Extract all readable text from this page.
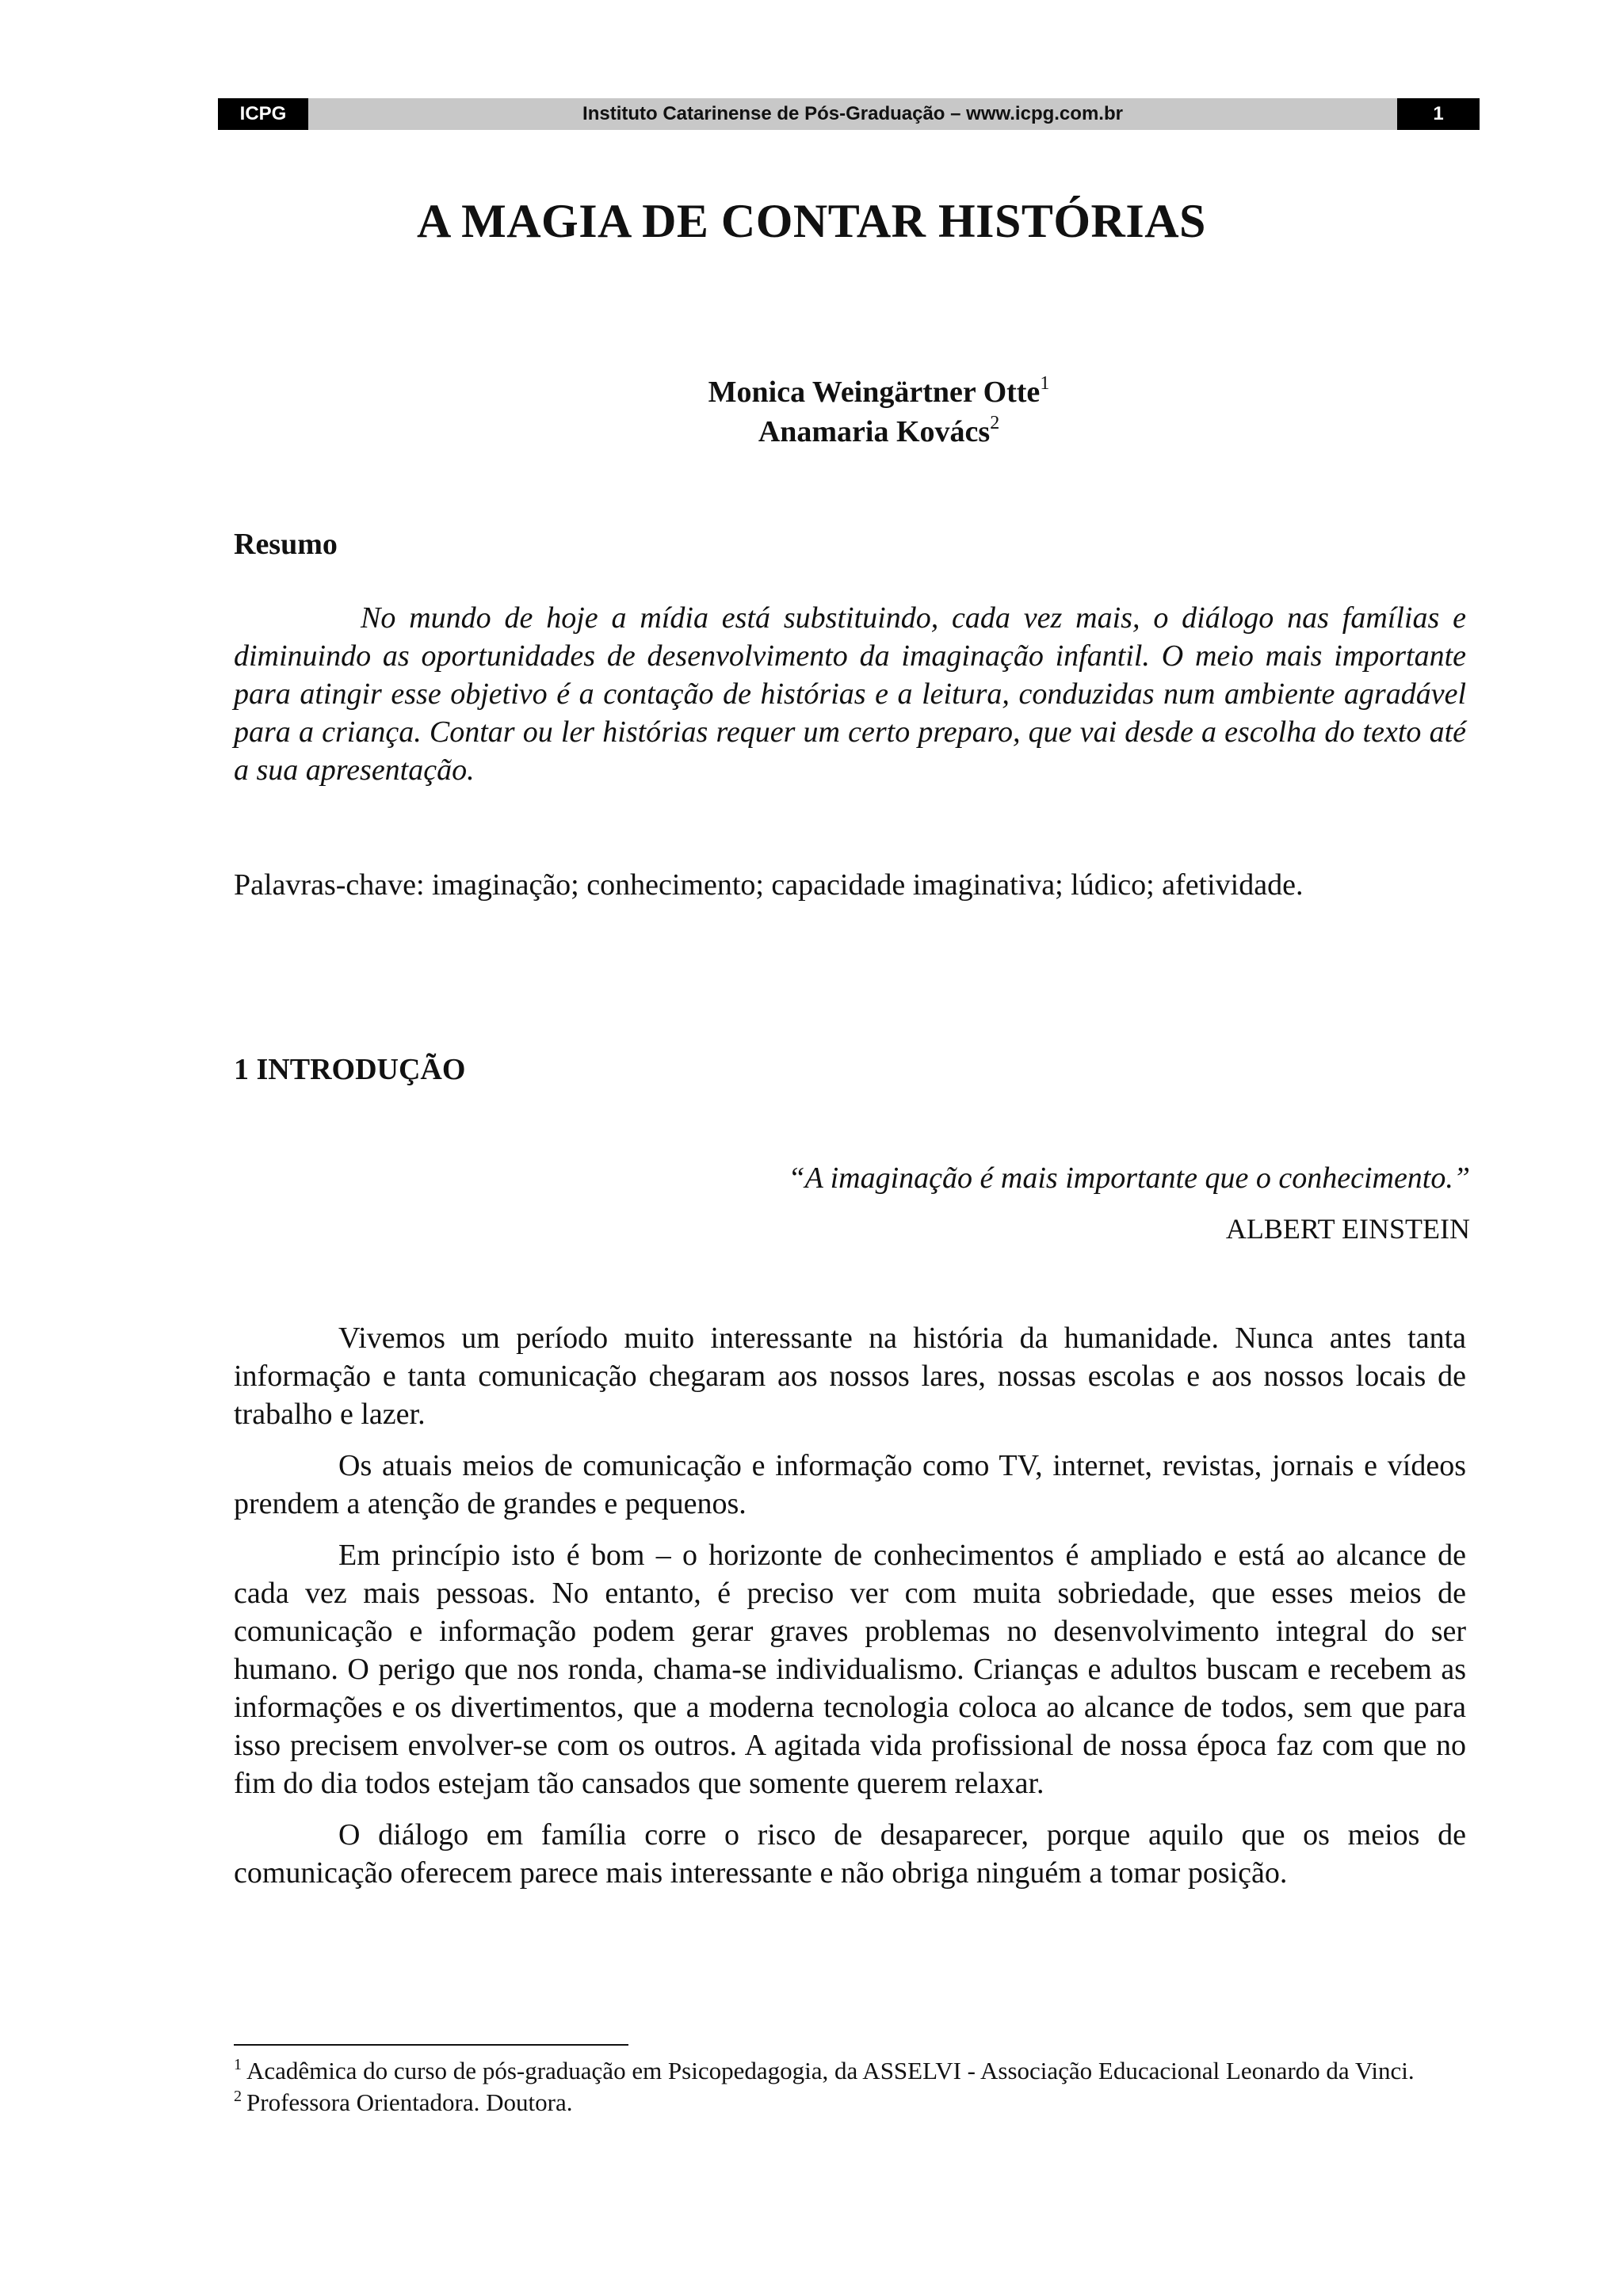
ICPG	Instituto Catarinense de Pós-Graduação – www.icpg.com.br	1
A MAGIA DE CONTAR HISTÓRIAS
Monica Weingärtner Otte$^1$
Anamaria Kovács$^2$
Resumo
No mundo de hoje a mídia está substituindo, cada vez mais, o diálogo nas famílias e diminuindo as oportunidades de desenvolvimento da imaginação infantil. O meio mais importante para atingir esse objetivo é a contação de histórias e a leitura, conduzidas num ambiente agradável para a criança. Contar ou ler histórias requer um certo preparo, que vai desde a escolha do texto até a sua apresentação.
Palavras-chave: imaginação; conhecimento; capacidade imaginativa; lúdico; afetividade.
1 INTRODUÇÃO
“A imaginação é mais importante que o conhecimento.”
ALBERT EINSTEIN

Vivemos um período muito interessante na história da humanidade. Nunca antes tanta informação e tanta comunicação chegaram aos nossos lares, nossas escolas e aos nossos locais de trabalho e lazer.

Os atuais meios de comunicação e informação como TV, internet, revistas, jornais e vídeos prendem a atenção de grandes e pequenos.

Em princípio isto é bom – o horizonte de conhecimentos é ampliado e está ao alcance de cada vez mais pessoas. No entanto, é preciso ver com muita sobriedade, que esses meios de comunicação e informação podem gerar graves problemas no desenvolvimento integral do ser humano. O perigo que nos ronda, chama-se individualismo. Crianças e adultos buscam e recebem as informações e os divertimentos, que a moderna tecnologia coloca ao alcance de todos, sem que para isso precisem envolver-se com os outros. A agitada vida profissional de nossa época faz com que no fim do dia todos estejam tão cansados que somente querem relaxar.

O diálogo em família corre o risco de desaparecer, porque aquilo que os meios de comunicação oferecem parece mais interessante e não obriga ninguém a tomar posição.

$^1$ Acadêmica do curso de pós-graduação em Psicopedagogia, da ASSELVI - Associação Educacional Leonardo da Vinci.
$^2$ Professora Orientadora. Doutora.
